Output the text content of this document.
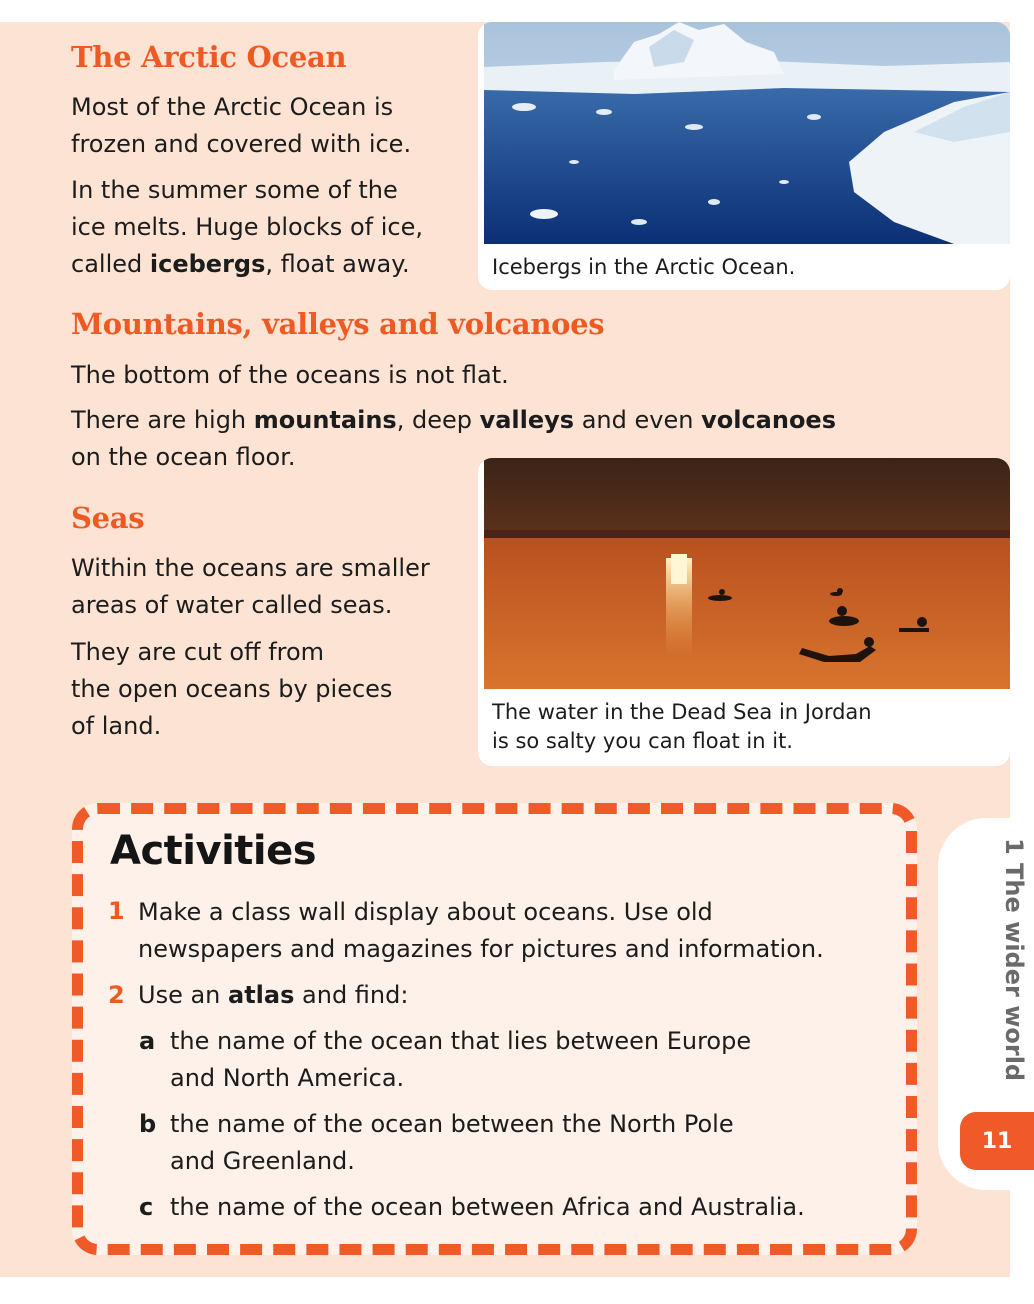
The Arctic Ocean

Most of the Arctic Ocean is
frozen and covered with ice.

In the summer some of the
ice melts. Huge blocks of ice,
called icebergs, float away.	Icebergs in the Arctic Ocean.

Mountains, valleys and volcanoes

The bottom of the oceans is not flat.

There are high mountains, deep valleys and even volcanoes
on the ocean floor.

Seas

Within the oceans are smaller
areas of water called seas.

They are cut off from
the open oceans by pieces
of land.	The water in the Dead Sea in Jordan
is so salty you can float in it.

Activities
1 Make a class wall display about oceans. Use old
newspapers and magazines for pictures and information.

2 Use an atlas and find:

a the name of the ocean that lies between Europe
and North America.

b the name of the ocean between the North Pole
and Greenland.

c the name of the ocean between Africa and Australia.

1 The wider world
11
